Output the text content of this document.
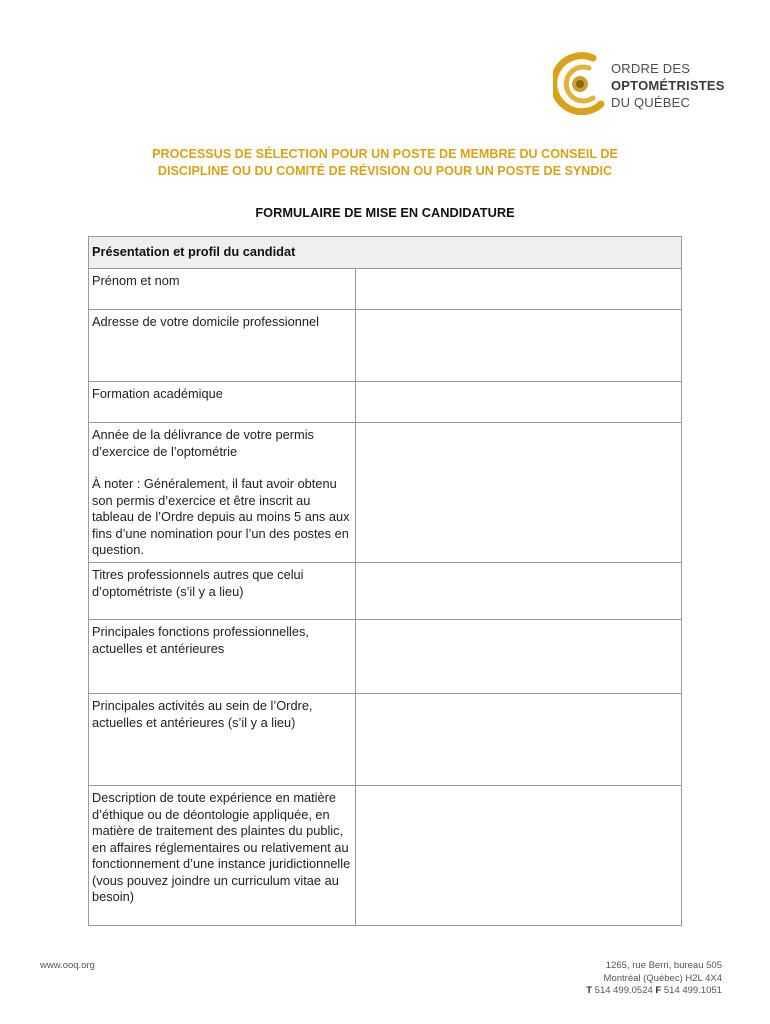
ORDRE DES
OPTOMÉTRISTES
DU QUÉBEC
PROCESSUS DE SÉLECTION POUR UN POSTE DE MEMBRE DU CONSEIL DE
DISCIPLINE OU DU COMITÉ DE RÉVISION OU POUR UN POSTE DE SYNDIC
FORMULAIRE DE MISE EN CANDIDATURE
Présentation et profil du candidat	
Prénom et nom	
Adresse de votre domicile professionnel	
Formation académique	

Année de la délivrance de votre permis d’exercice de l’optométrie
À noter : Généralement, il faut avoir obtenu son permis d’exercice et être inscrit au tableau de l’Ordre depuis au moins 5 ans aux fins d’une nomination pour l’un des postes en question.	

Titres professionnels autres que celui d’optométriste (s’il y a lieu)	
Principales fonctions professionnelles, actuelles et antérieures	
Principales activités au sein de l’Ordre, actuelles et antérieures (s’il y a lieu)	
Description de toute expérience en matière d’éthique ou de déontologie appliquée, en matière de traitement des plaintes du public, en affaires réglementaires ou relativement au fonctionnement d’une instance juridictionnelle (vous pouvez joindre un curriculum vitae au besoin)	
www.ooq.org	1265, rue Berri, bureau 505
Montréal (Québec) H2L 4X4
T 514 499.0524 F 514 499.1051
